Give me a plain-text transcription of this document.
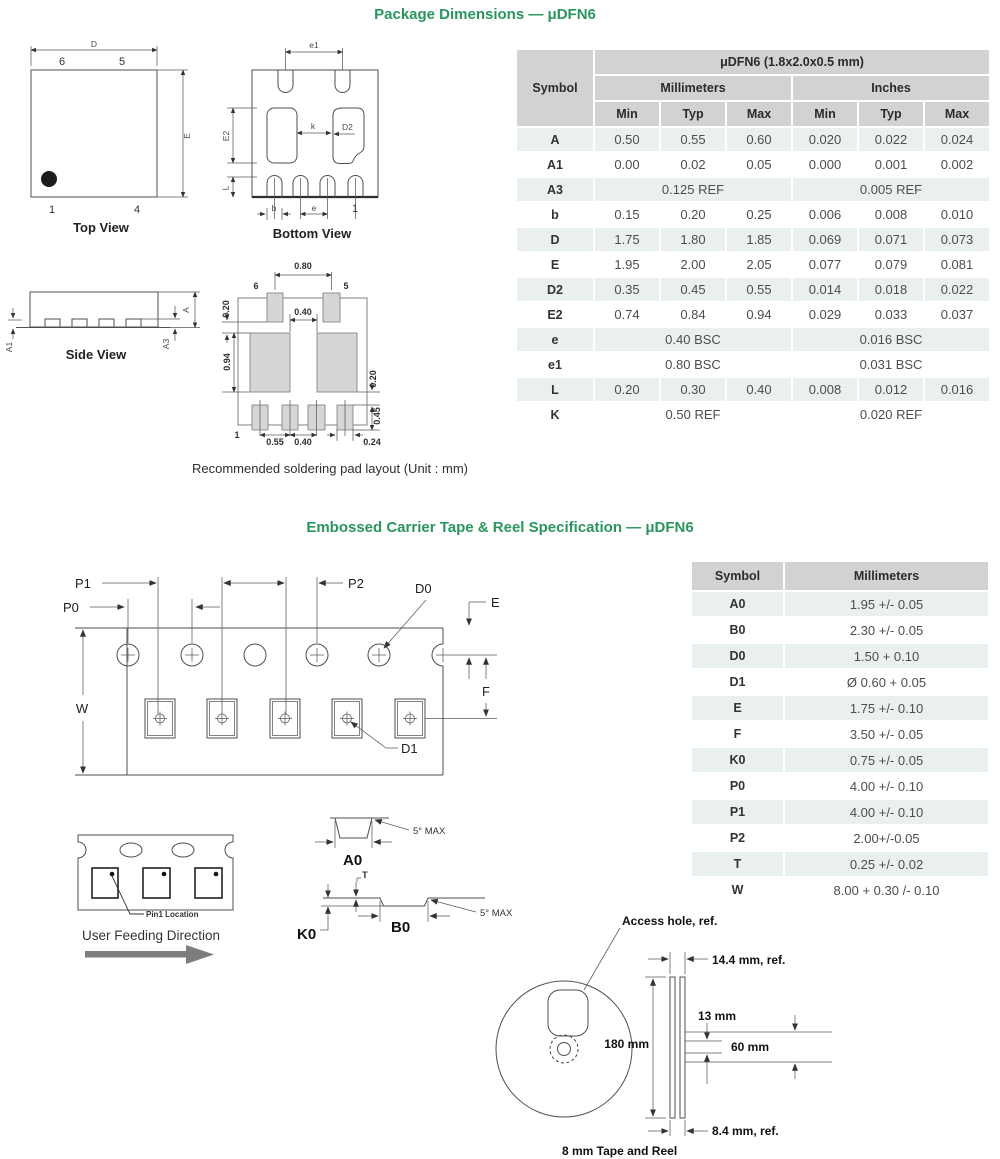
Package Dimensions — μDFN6
Embossed Carrier Tape & Reel Specification — μDFN6
D
E
6	5
1	4
Top View
e1
k	D2
E2
L
b	e	1
Bottom View
A
A3
A1	Side View
0.80
6	5
1
0.20
0.94
0.40
0.20
0.45
0.55 0.40	0.24
Recommended soldering pad layout (Unit : mm)
Symbol	μDFN6 (1.8x2.0x0.5 mm)					
	Millimeters			Inches		
	Min	Typ	Max	Min	Typ	Max
A	0.50	0.55	0.60	0.020	0.022	0.024
A1	0.00	0.02	0.05	0.000	0.001	0.002
A3	0.125 REF			0.005 REF		
b	0.15	0.20	0.25	0.006	0.008	0.010
D	1.75	1.80	1.85	0.069	0.071	0.073
E	1.95	2.00	2.05	0.077	0.079	0.081
D2	0.35	0.45	0.55	0.014	0.018	0.022
E2	0.74	0.84	0.94	0.029	0.033	0.037
e	0.40 BSC			0.016 BSC		
e1	0.80 BSC			0.031 BSC		
L	0.20	0.30	0.40	0.008	0.012	0.016
K	0.50 REF			0.020 REF		
W
P1	P2
P0
D0
E
F
D1
Symbol	Millimeters
A0	1.95 +/- 0.05
B0	2.30 +/- 0.05
D0	1.50 + 0.10
D1	Ø 0.60 + 0.05
E	1.75 +/- 0.10
F	3.50 +/- 0.05
K0	0.75 +/- 0.05
P0	4.00 +/- 0.10
P1	4.00 +/- 0.10
P2	2.00+/-0.05
T	0.25 +/- 0.02
W	8.00 + 0.30 /- 0.10
Pin1 Location
User Feeding Direction
A0
5° MAX
T
K0	B0
5° MAX
Access hole, ref.
14.4 mm, ref.
180 mm
13 mm
60 mm
8.4 mm, ref.
8 mm Tape and Reel
